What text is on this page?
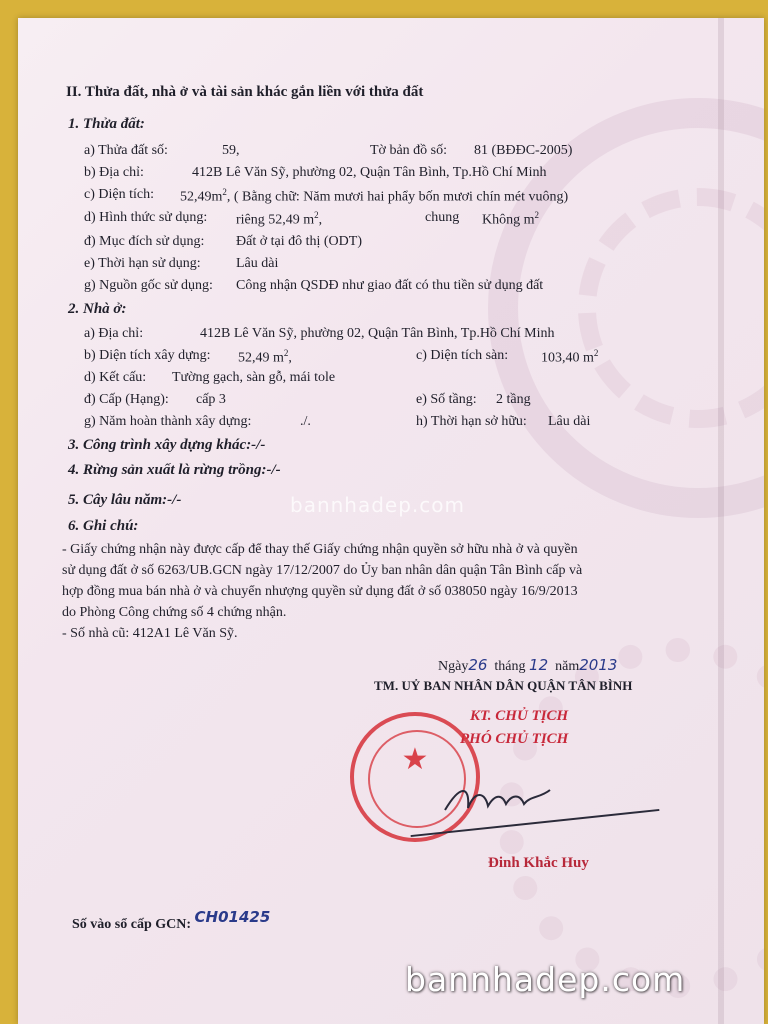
II. Thửa đất, nhà ở và tài sản khác gắn liền với thửa đất
1. Thửa đất:
a) Thửa đất số:	59,	Tờ bản đồ số: 81 (BĐĐC-2005)
b) Địa chỉ:	412B Lê Văn Sỹ, phường 02, Quận Tân Bình, Tp.Hồ Chí Minh
c) Diện tích: $52,49m^2$, ( Bằng chữ: Năm mươi hai phẩy bốn mươi chín mét vuông)
d) Hình thức sử dụng: riêng 52,49 $m^2$,	chung Không $m^2$
đ) Mục đích sử dụng: Đất ở tại đô thị (ODT)
e) Thời hạn sử dụng:	Lâu dài
g) Nguồn gốc sử dụng: Công nhận QSDĐ như giao đất có thu tiền sử dụng đất
2. Nhà ở:
a) Địa chỉ:	412B Lê Văn Sỹ, phường 02, Quận Tân Bình, Tp.Hồ Chí Minh
b) Diện tích xây dựng: 52,49 $m^2$,	c) Diện tích sàn: 103,40 $m^2$
d) Kết cấu: Tường gạch, sàn gỗ, mái tole
đ) Cấp (Hạng): cấp 3	e) Số tầng: 2 tầng
g) Năm hoàn thành xây dựng:	./.	h) Thời hạn sở hữu: Lâu dài
3. Công trình xây dựng khác:-/-
4. Rừng sản xuất là rừng trồng:-/-
5. Cây lâu năm:-/-
6. Ghi chú:
- Giấy chứng nhận này được cấp để thay thế Giấy chứng nhận quyền sở hữu nhà ở và quyền
sử dụng đất ở số 6263/UB.GCN ngày 17/12/2007 do Ủy ban nhân dân quận Tân Bình cấp và
hợp đồng mua bán nhà ở và chuyển nhượng quyền sử dụng đất ở số 038050 ngày 16/9/2013
do Phòng Công chứng số 4 chứng nhận.
- Số nhà cũ: 412A1 Lê Văn Sỹ.
bannhadep.com
Ngày26 tháng 12 năm2013
TM. UỶ BAN NHÂN DÂN QUẬN TÂN BÌNH
KT. CHỦ TỊCH
PHÓ CHỦ TỊCH
★
Đinh Khắc Huy
Số vào sổ cấp GCN: CH01425
bannhadep.com
